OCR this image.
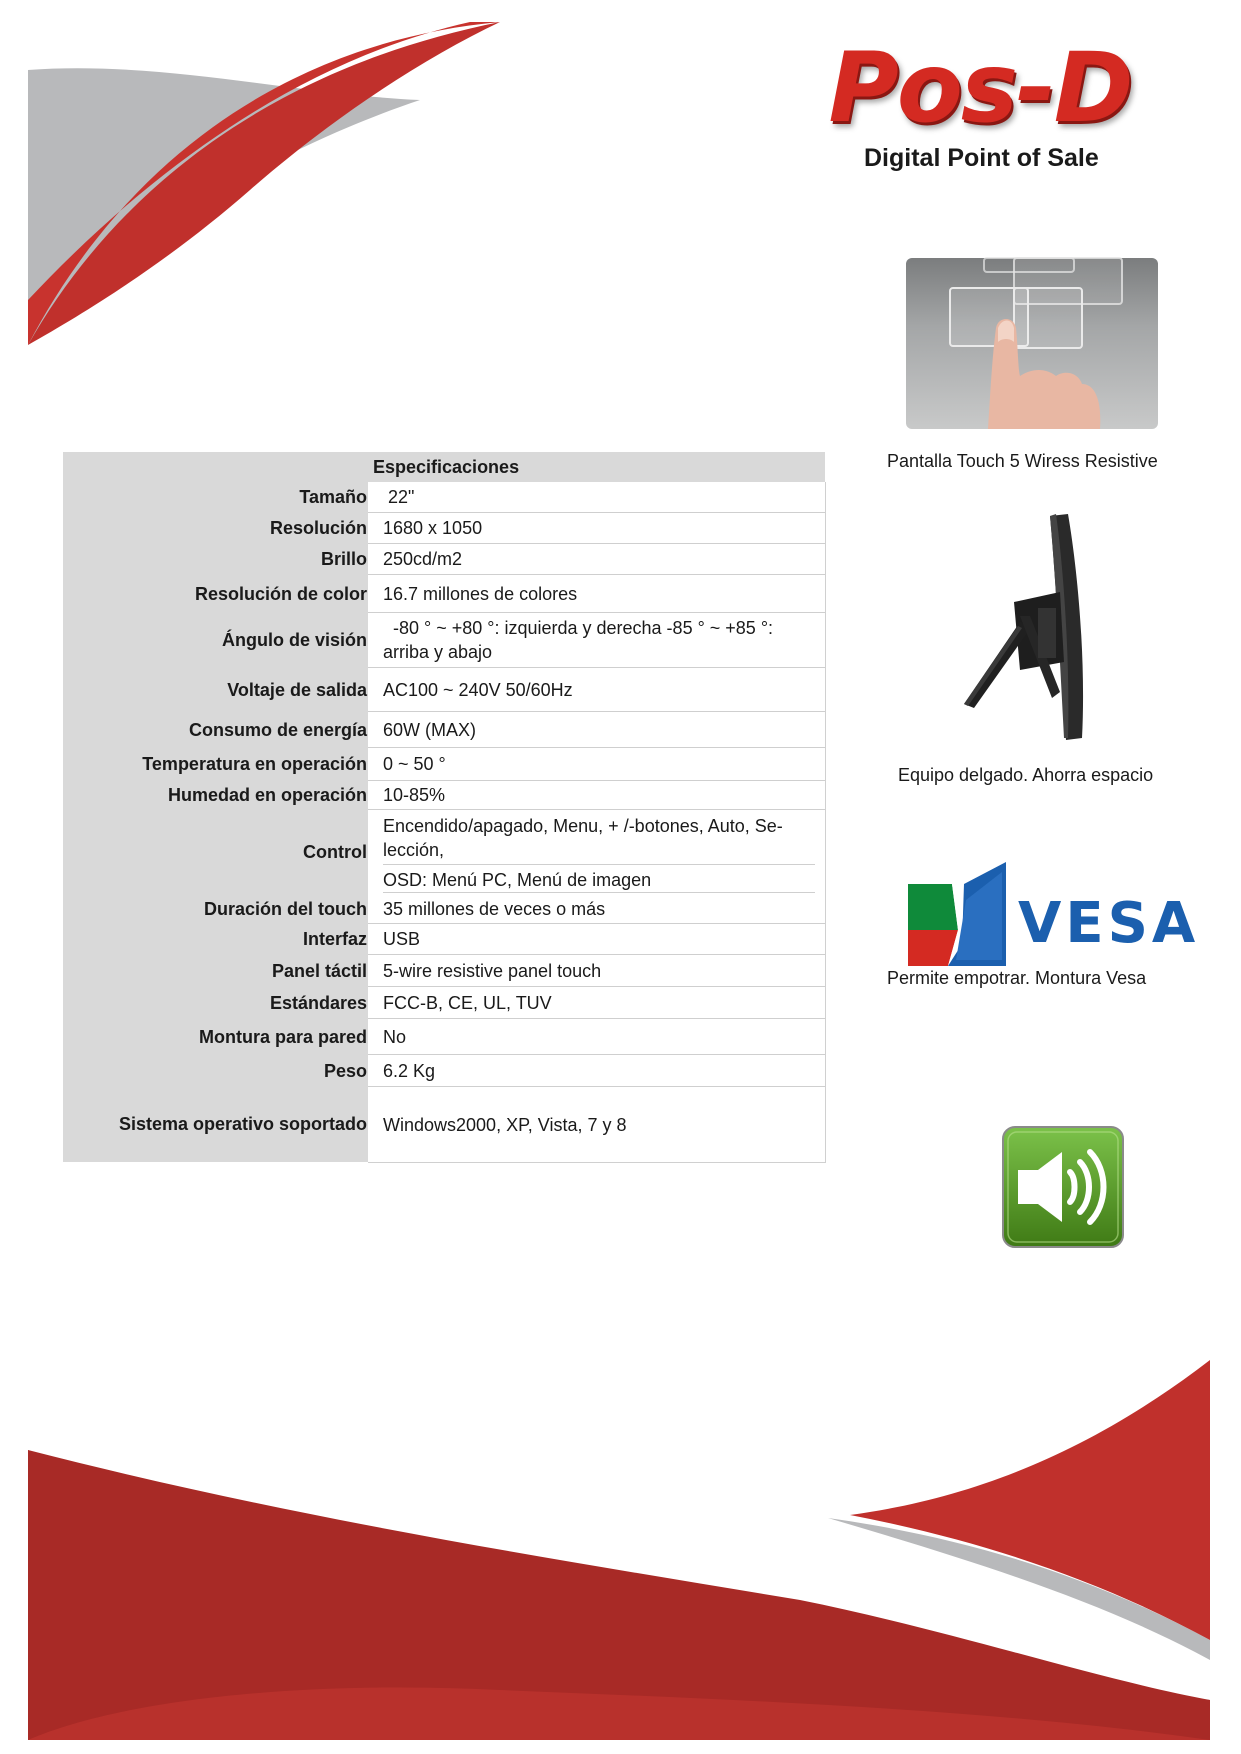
Pos-D
Digital Point of Sale
Especificaciones
Tamaño	22"
Resolución 1680 x 1050
Brillo 250cd/m2
Resolución de color 16.7 millones de colores
Ángulo de visión
-80 ° ~ +80 °: izquierda y derecha -85 ° ~ +85 °:
arriba y abajo
Voltaje de salida AC100 ~ 240V 50/60Hz
Consumo de energía 60W (MAX)
Temperatura en operación 0 ~ 50 °
Humedad en operación 10-85%
Control
Encendido/apagado, Menu, + /-botones, Auto, Se-
lección,
OSD: Menú PC, Menú de imagen
Duración del touch 35 millones de veces o más
Interfaz USB
Panel táctil 5-wire resistive panel touch
Estándares FCC-B, CE, UL, TUV
Montura para pared No
Peso 6.2 Kg
Sistema operativo soportado Windows2000, XP, Vista, 7 y 8
Pantalla Touch 5 Wiress Resistive
Equipo delgado. Ahorra espacio
VESA
Permite empotrar. Montura Vesa
Parlantes incorporados
